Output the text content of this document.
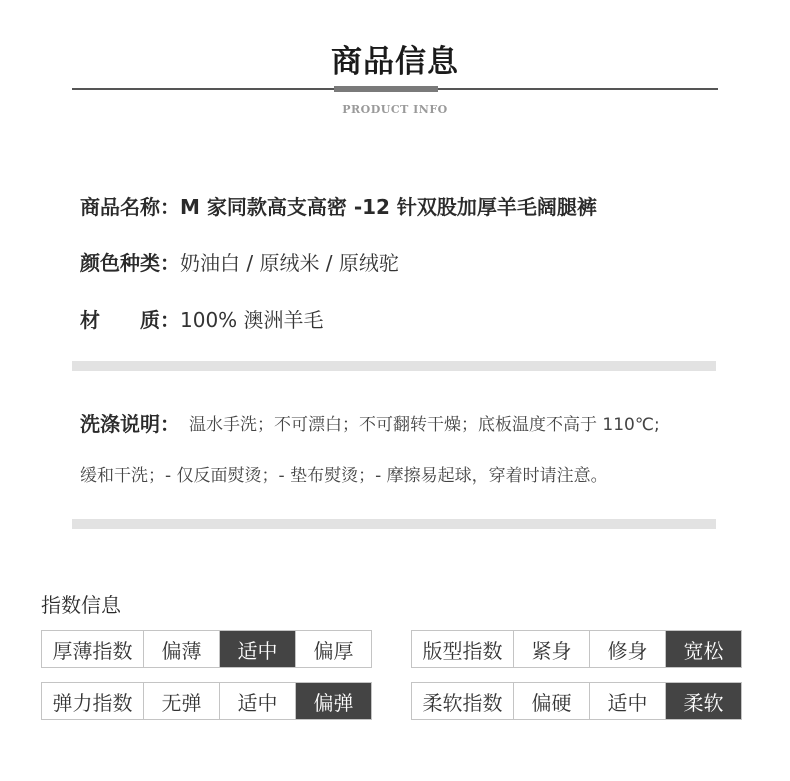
商品信息
PRODUCT INFO
商品名称：M 家同款高支高密 -12 针双股加厚羊毛阔腿裤
颜色种类：奶油白 / 原绒米 / 原绒驼
材　　质：100% 澳洲羊毛
洗涤说明： 温水手洗；不可漂白；不可翻转干燥；底板温度不高于 110℃;
缓和干洗；- 仅反面熨烫；- 垫布熨烫；- 摩擦易起球，穿着时请注意。
指数信息
厚薄指数	偏薄	适中	偏厚	版型指数	紧身	修身	宽松
弹力指数	无弹	适中	偏弹	柔软指数	偏硬	适中	柔软
